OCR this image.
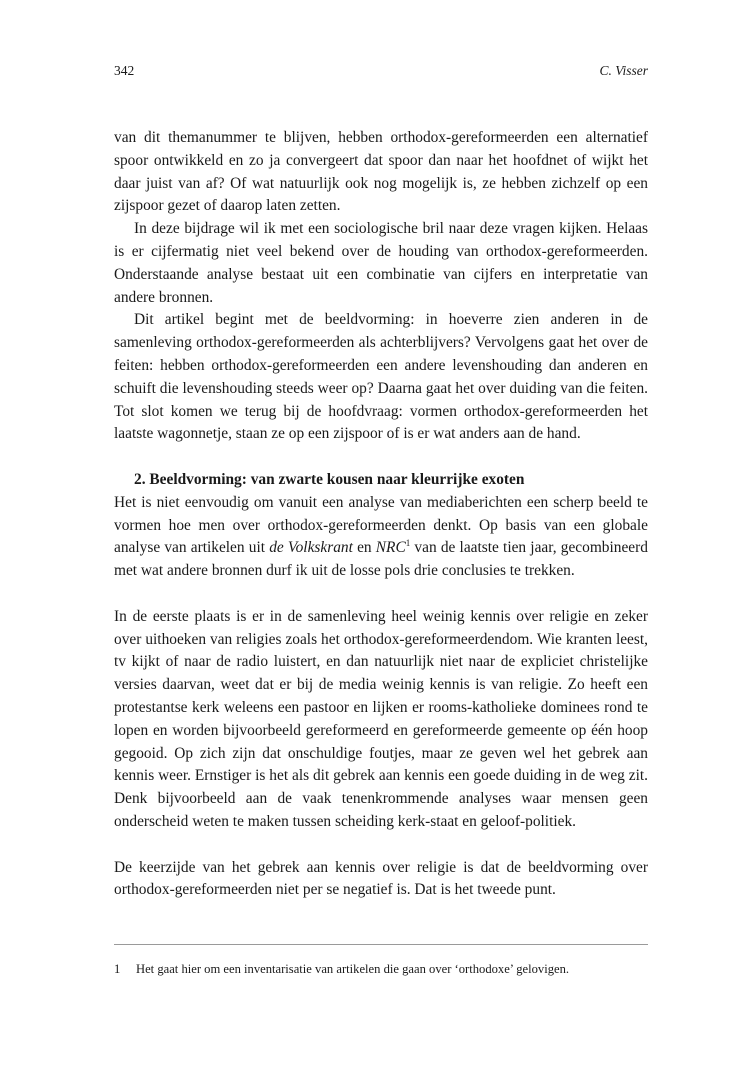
342	C. Visser

van dit themanummer te blijven, hebben orthodox-gereformeerden een alternatief spoor ontwikkeld en zo ja convergeert dat spoor dan naar het hoofdnet of wijkt het daar juist van af? Of wat natuurlijk ook nog mogelijk is, ze hebben zichzelf op een zijspoor gezet of daarop laten zetten.

In deze bijdrage wil ik met een sociologische bril naar deze vragen kijken. Helaas is er cijfermatig niet veel bekend over de houding van orthodox-gereformeerden. Onderstaande analyse bestaat uit een combinatie van cijfers en interpretatie van andere bronnen.

Dit artikel begint met de beeldvorming: in hoeverre zien anderen in de samenleving orthodox-gereformeerden als achterblijvers? Vervolgens gaat het over de feiten: hebben orthodox-gereformeerden een andere levenshouding dan anderen en schuift die levenshouding steeds weer op? Daarna gaat het over duiding van die feiten. Tot slot komen we terug bij de hoofdvraag: vormen orthodox-gereformeerden het laatste wagonnetje, staan ze op een zijspoor of is er wat anders aan de hand.

2. Beeldvorming: van zwarte kousen naar kleurrijke exoten

Het is niet eenvoudig om vanuit een analyse van mediaberichten een scherp beeld te vormen hoe men over orthodox-gereformeerden denkt. Op basis van een globale analyse van artikelen uit de Volkskrant en NRC$^1$ van de laatste tien jaar, gecombineerd met wat andere bronnen durf ik uit de losse pols drie conclusies te trekken.

In de eerste plaats is er in de samenleving heel weinig kennis over religie en zeker over uithoeken van religies zoals het orthodox-gereformeerdendom. Wie kranten leest, tv kijkt of naar de radio luistert, en dan natuurlijk niet naar de expliciet christelijke versies daarvan, weet dat er bij de media weinig kennis is van religie. Zo heeft een protestantse kerk weleens een pastoor en lijken er rooms-katholieke dominees rond te lopen en worden bijvoorbeeld gereformeerd en gereformeerde gemeente op één hoop gegooid. Op zich zijn dat onschuldige foutjes, maar ze geven wel het gebrek aan kennis weer. Ernstiger is het als dit gebrek aan kennis een goede duiding in de weg zit. Denk bijvoorbeeld aan de vaak tenenkrommende analyses waar mensen geen onderscheid weten te maken tussen scheiding kerk-staat en geloof-politiek.

De keerzijde van het gebrek aan kennis over religie is dat de beeldvorming over orthodox-gereformeerden niet per se negatief is. Dat is het tweede punt.

1 Het gaat hier om een inventarisatie van artikelen die gaan over ‘orthodoxe’ gelovigen.
